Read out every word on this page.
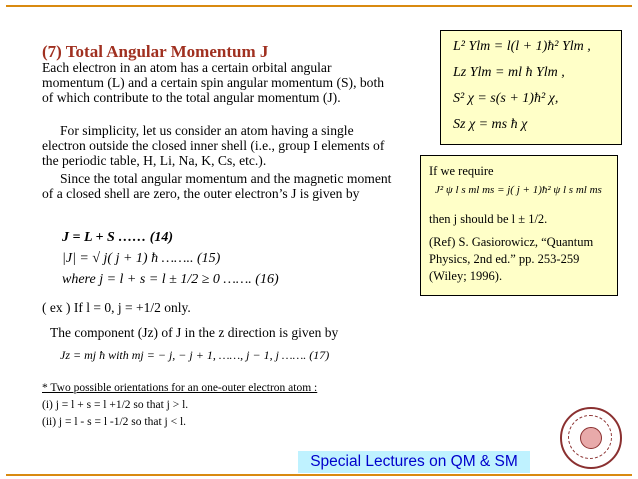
(7) Total Angular Momentum J
Each electron in an atom has a certain orbital angular momentum (L) and a certain spin angular momentum (S), both of which contribute to the total angular momentum (J).
For simplicity, let us consider an atom having a single electron outside the closed inner shell (i.e., group I elements of the periodic table, H, Li, Na, K, Cs, etc.).
Since the total angular momentum and the magnetic moment of a closed shell are zero, the outer electron’s J is given by
J = L + S …… (14)
|J| = √ j( j + 1) ħ …….. (15)
where j = l + s = l ± 1/2 ≥ 0 ……. (16)
( ex ) If l = 0, j = +1/2 only.
The component (Jz) of J in the z direction is given by
Jz = mj ħ with mj = − j, − j + 1, ……, j − 1, j ……. (17)
* Two possible orientations for an one-outer electron atom :
(i) j = l + s = l +1/2 so that j > l.
(ii) j = l - s = l -1/2 so that j < l.
L² Ylm = l(l + 1)ħ² Ylm ,
Lz Ylm = ml ħ Ylm ,
S² χ = s(s + 1)ħ² χ,
Sz χ = ms ħ χ
If we require
J² ψ l s ml ms = j( j + 1)ħ² ψ l s ml ms
then j should be l ± 1/2.
(Ref) S. Gasiorowicz, “Quantum Physics, 2nd ed.” pp. 253-259 (Wiley; 1996).
Special Lectures on QM & SM
